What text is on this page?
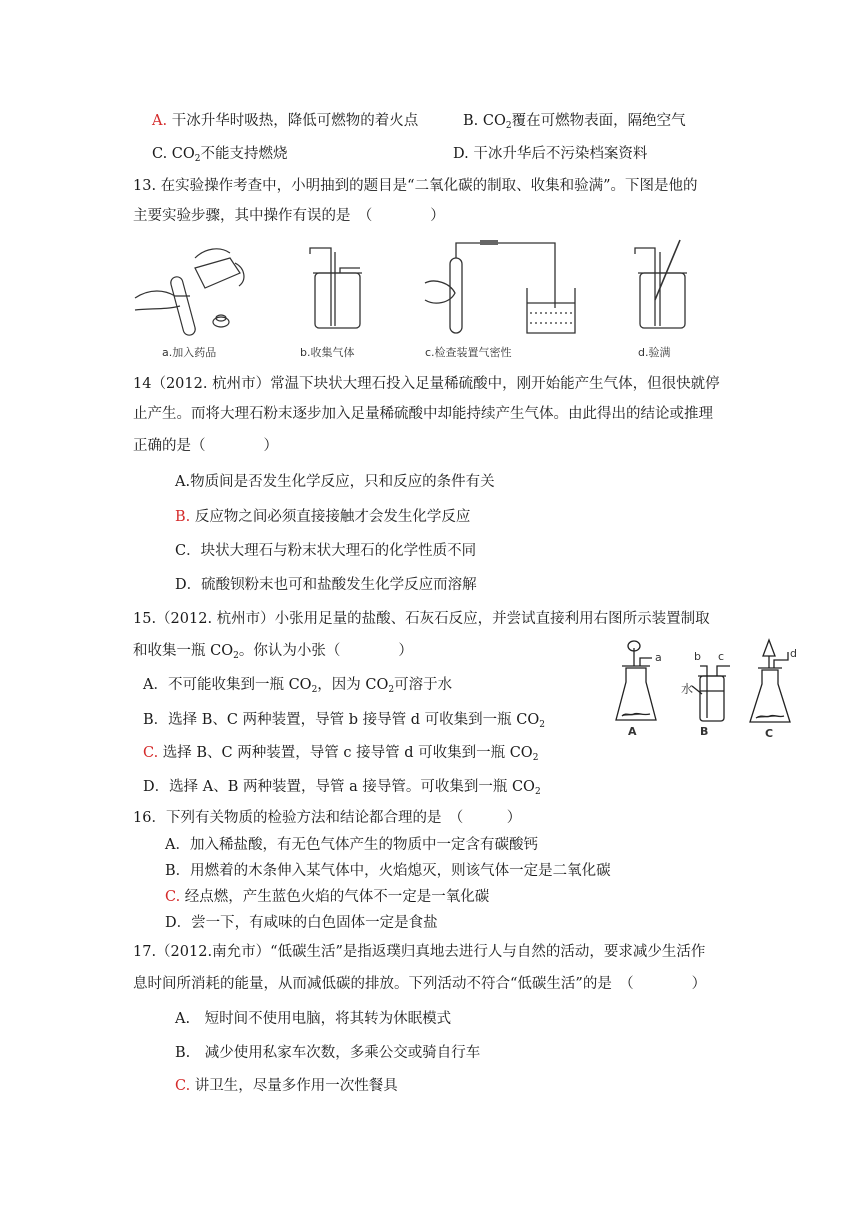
A. 干冰升华时吸热，降低可燃物的着火点	B. $CO_2$覆在可燃物表面，隔绝空气
C. $CO_2$不能支持燃烧	D. 干冰升华后不污染档案资料
13. 在实验操作考查中，小明抽到的题目是“二氧化碳的制取、收集和验满”。下图是他的
主要实验步骤，其中操作有误的是　（　　　　）
a.加入药品	b.收集气体	c.检查装置气密性	d.验满
14（2012. 杭州市）常温下块状大理石投入足量稀硫酸中，刚开始能产生气体，但很快就停
止产生。而将大理石粉末逐步加入足量稀硫酸中却能持续产生气体。由此得出的结论或推理
正确的是（　　　　）
A.物质间是否发生化学反应，只和反应的条件有关
B. 反应物之间必须直接接触才会发生化学反应
C．块状大理石与粉末状大理石的化学性质不同
D．硫酸钡粉末也可和盐酸发生化学反应而溶解
15.（2012. 杭州市）小张用足量的盐酸、石灰石反应，并尝试直接利用右图所示装置制取
和收集一瓶 $CO_2$。你认为小张（　　　　）
A．不可能收集到一瓶 $CO_2$，因为 $CO_2$可溶于水
B．选择 B、C 两种装置，导管 b 接导管 d 可收集到一瓶 $CO_2$
C. 选择 B、C 两种装置，导管 c 接导管 d 可收集到一瓶 $CO_2$
D．选择 A、B 两种装置，导管 a 接导管。可收集到一瓶 $CO_2$
a	b c	d
水
A	B	C
16．下列有关物质的检验方法和结论都合理的是　（　　　）
A．加入稀盐酸，有无色气体产生的物质中一定含有碳酸钙
B．用燃着的木条伸入某气体中，火焰熄灭，则该气体一定是二氧化碳
C. 经点燃，产生蓝色火焰的气体不一定是一氧化碳
D．尝一下，有咸味的白色固体一定是食盐
17.（2012.南允市）“低碳生活”是指返璞归真地去进行人与自然的活动，要求减少生活作
息时间所消耗的能量，从而减低碳的排放。下列活动不符合“低碳生活”的是　（　　　　）
A.　短时间不使用电脑，将其转为休眠模式
B.　减少使用私家车次数，多乘公交或骑自行车
C. 讲卫生，尽量多作用一次性餐具
